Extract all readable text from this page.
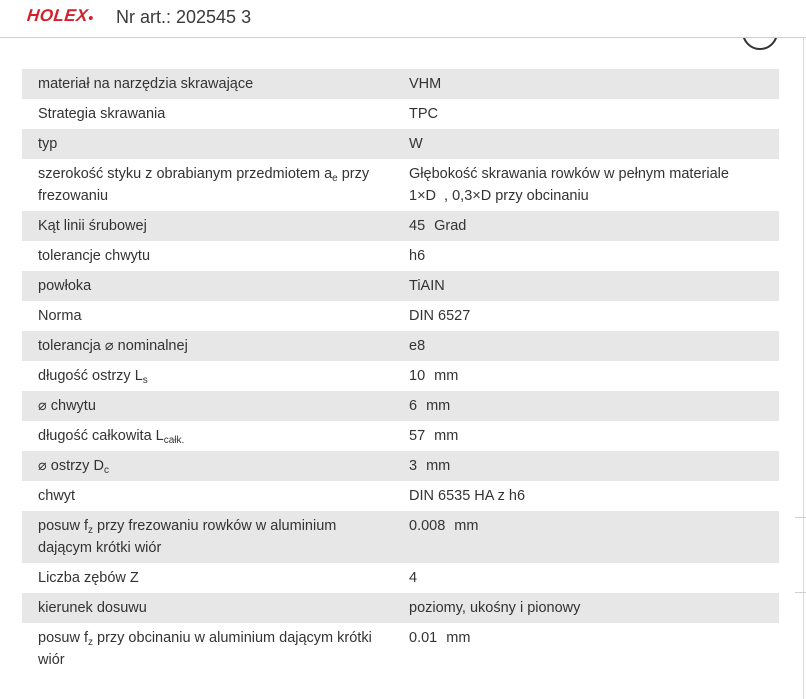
HOLEX Nr art.: 202545 3
materiał na narzędzia skrawające	VHM
Strategia skrawania	TPC
typ	W
szerokość styku z obrabianym przedmiotem $a_e$ przy frezowaniu	Głębokość skrawania rowków w pełnym materiale
1×D  , 0,3×D przy obcinaniu
Kąt linii śrubowej	45 Grad
tolerancje chwytu	h6
powłoka	TiAIN
Norma	DIN 6527
tolerancja ⌀ nominalnej	e8
długość ostrzy $L_s$	10 mm
⌀ chwytu	6 mm
długość całkowita $L_{całk.}$	57 mm
⌀ ostrzy $D_c$	3 mm
chwyt	DIN 6535 HA z h6
posuw $f_z$ przy frezowaniu rowków w aluminium dającym krótki wiór	0.008 mm
Liczba zębów Z	4
kierunek dosuwu	poziomy, ukośny i pionowy
posuw $f_z$ przy obcinaniu w aluminium dającym krótki wiór	0.01 mm
